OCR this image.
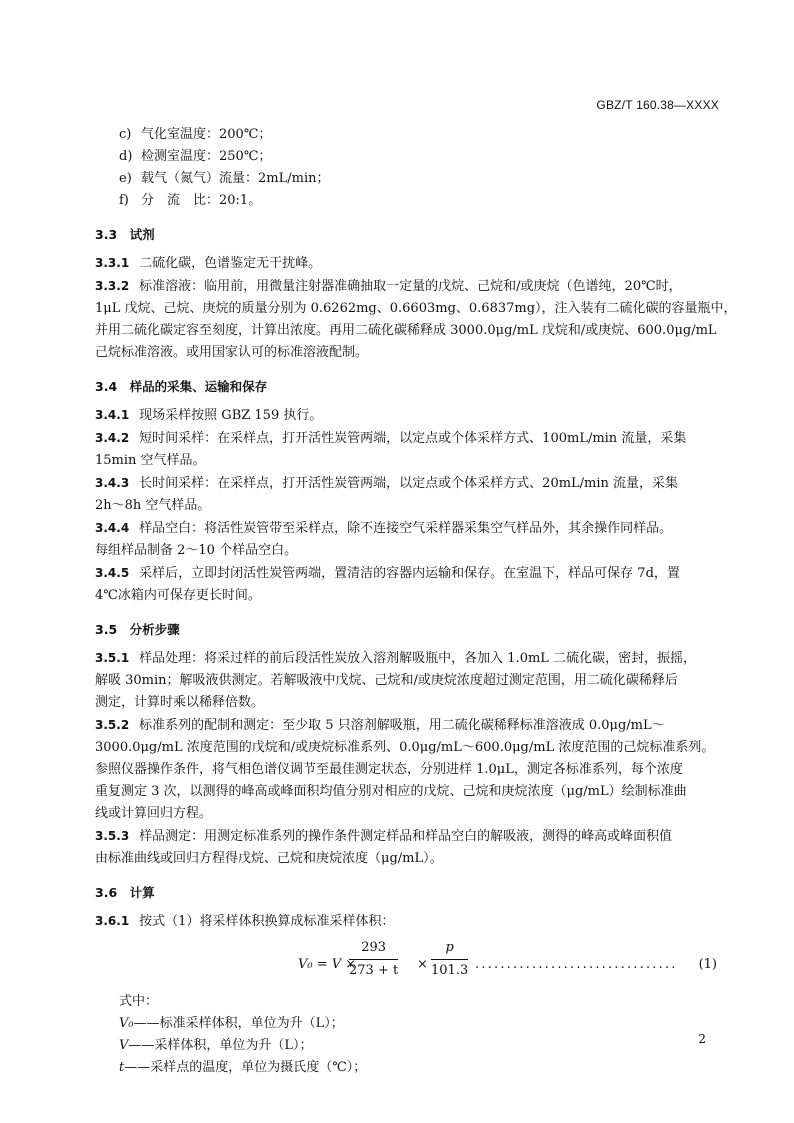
GBZ/T 160.38—XXXX
c) 气化室温度：200℃；
d) 检测室温度：250℃；
e) 载气（氮气）流量：2mL/min；
f) 分　流　比：20:1。
3.3　试剂
3.3.1 二硫化碳，色谱鉴定无干扰峰。
3.3.2 标准溶液：临用前，用微量注射器准确抽取一定量的戊烷、己烷和/或庚烷（色谱纯，20℃时，
1μL 戊烷、己烷、庚烷的质量分别为 0.6262mg、0.6603mg、0.6837mg），注入装有二硫化碳的容量瓶中，
并用二硫化碳定容至刻度，计算出浓度。再用二硫化碳稀释成 3000.0μg/mL 戊烷和/或庚烷、600.0μg/mL
己烷标准溶液。或用国家认可的标准溶液配制。
3.4　样品的采集、运输和保存
3.4.1 现场采样按照 GBZ 159 执行。
3.4.2 短时间采样：在采样点，打开活性炭管两端，以定点或个体采样方式、100mL/min 流量，采集
15min 空气样品。
3.4.3 长时间采样：在采样点，打开活性炭管两端，以定点或个体采样方式、20mL/min 流量，采集
2h～8h 空气样品。
3.4.4 样品空白：将活性炭管带至采样点，除不连接空气采样器采集空气样品外，其余操作同样品。
每组样品制备 2～10 个样品空白。
3.4.5 采样后，立即封闭活性炭管两端，置清洁的容器内运输和保存。在室温下，样品可保存 7d，置
4℃冰箱内可保存更长时间。
3.5　分析步骤
3.5.1 样品处理：将采过样的前后段活性炭放入溶剂解吸瓶中，各加入 1.0mL 二硫化碳，密封，振摇，
解吸 30min；解吸液供测定。若解吸液中戊烷、己烷和/或庚烷浓度超过测定范围，用二硫化碳稀释后
测定，计算时乘以稀释倍数。
3.5.2 标准系列的配制和测定：至少取 5 只溶剂解吸瓶，用二硫化碳稀释标准溶液成 0.0μg/mL～
3000.0μg/mL 浓度范围的戊烷和/或庚烷标准系列、0.0μg/mL～600.0μg/mL 浓度范围的己烷标准系列。
参照仪器操作条件，将气相色谱仪调节至最佳测定状态，分别进样 1.0μL，测定各标准系列，每个浓度
重复测定 3 次，以测得的峰高或峰面积均值分别对相应的戊烷、己烷和庚烷浓度（μg/mL）绘制标准曲
线或计算回归方程。
3.5.3 样品测定：用测定标准系列的操作条件测定样品和样品空白的解吸液，测得的峰高或峰面积值
由标准曲线或回归方程得戊烷、己烷和庚烷浓度（μg/mL）。
3.6　计算
3.6.1 按式（1）将采样体积换算成标准采样体积：
V₀ = V ×
$\frac{293}{273 + t} \times \frac{p}{101.3}$ ................................ (1)
式中：
V₀——标准采样体积，单位为升（L）；
V——采样体积，单位为升（L）；
t——采样点的温度，单位为摄氏度（℃）；
2
